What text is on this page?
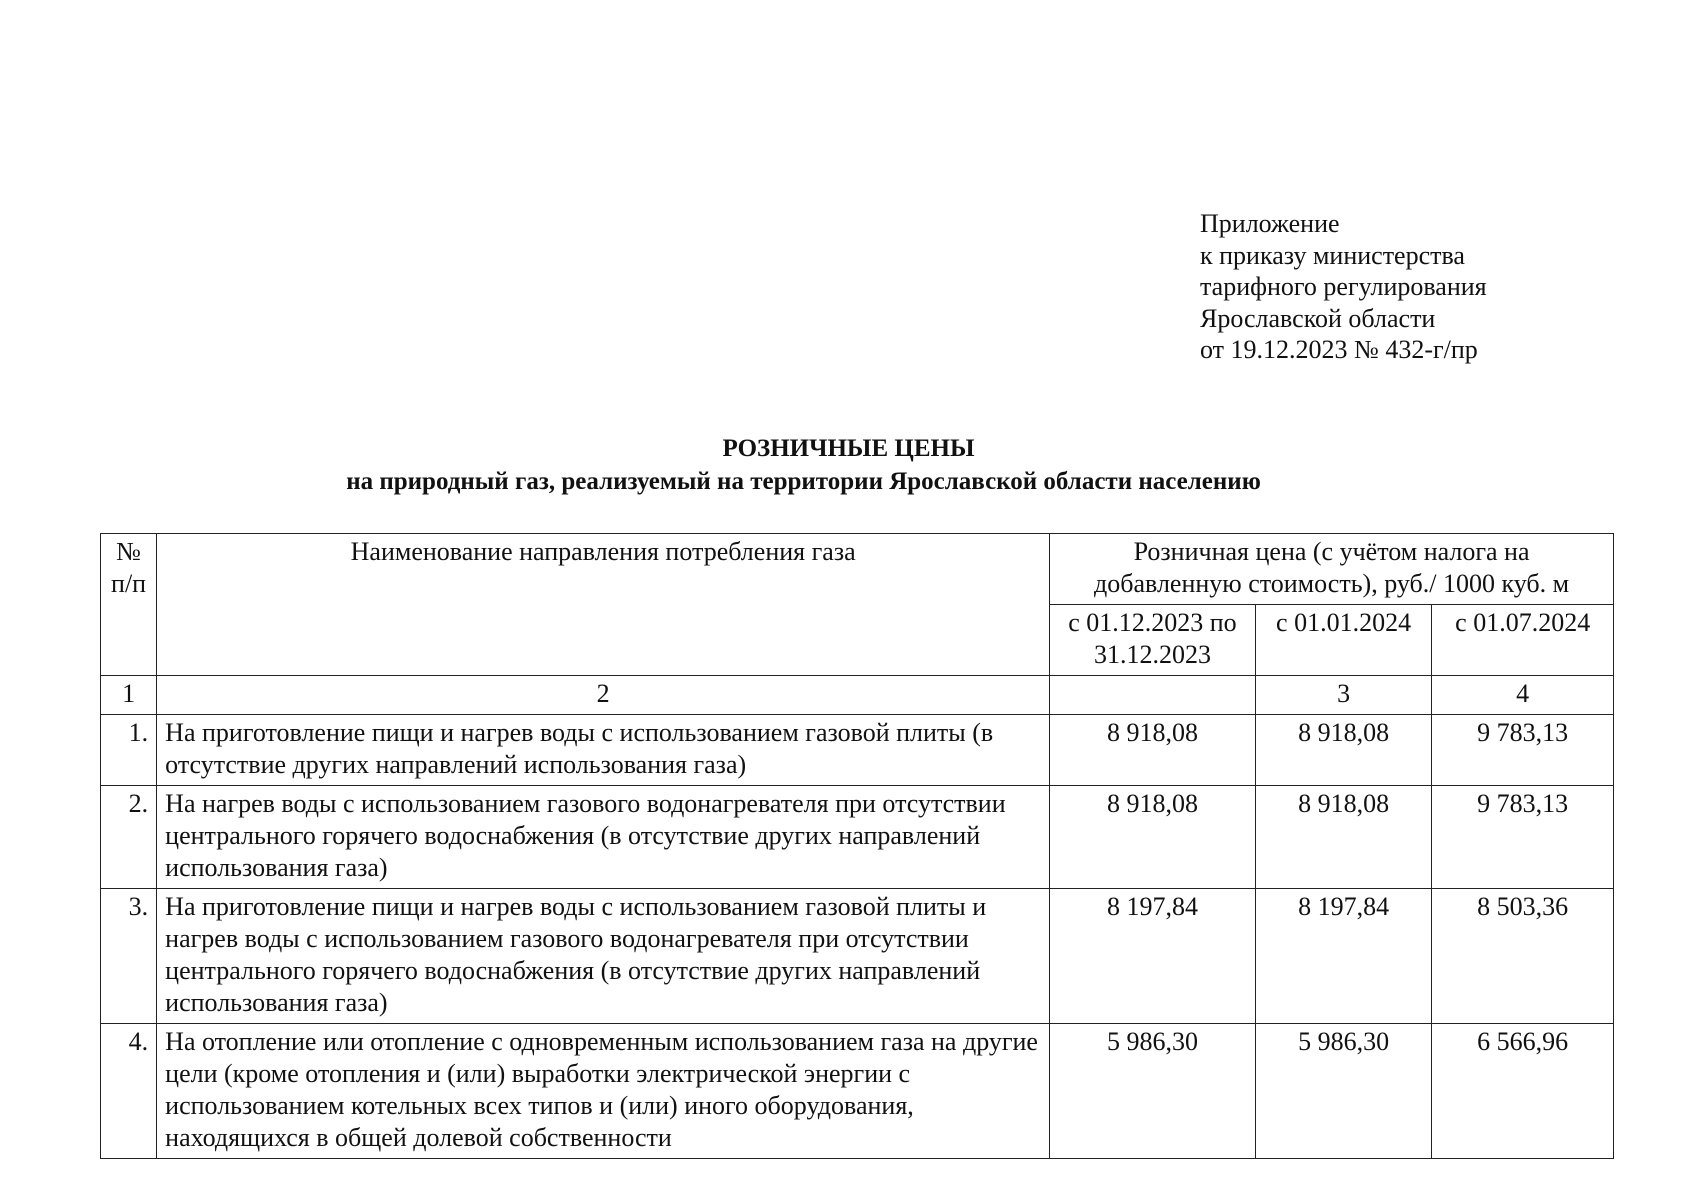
Приложение
к приказу министерства
тарифного регулирования
Ярославской области
от 19.12.2023 № 432-г/пр
РОЗНИЧНЫЕ ЦЕНЫ
на природный газ, реализуемый на территории Ярославской области населению
№ п/п	Наименование направления потребления газа	Розничная цена (с учётом налога на добавленную стоимость), руб./ 1000 куб. м		
		с 01.12.2023 по 31.12.2023	с 01.01.2024	с 01.07.2024
1	2		3	4
1.	На приготовление пищи и нагрев воды с использованием газовой плиты (в отсутствие других направлений использования газа)	8 918,08	8 918,08	9 783,13
2.	На нагрев воды с использованием газового водонагревателя при отсутствии центрального горячего водоснабжения (в отсутствие других направлений использования газа)	8 918,08	8 918,08	9 783,13
3.	На приготовление пищи и нагрев воды с использованием газовой плиты и нагрев воды с использованием газового водонагревателя при отсутствии центрального горячего водоснабжения (в отсутствие других направлений использования газа)	8 197,84	8 197,84	8 503,36
4.	На отопление или отопление с одновременным использованием газа на другие цели (кроме отопления и (или) выработки электрической энергии с использованием котельных всех типов и (или) иного оборудования, находящихся в общей долевой собственности	5 986,30	5 986,30	6 566,96
